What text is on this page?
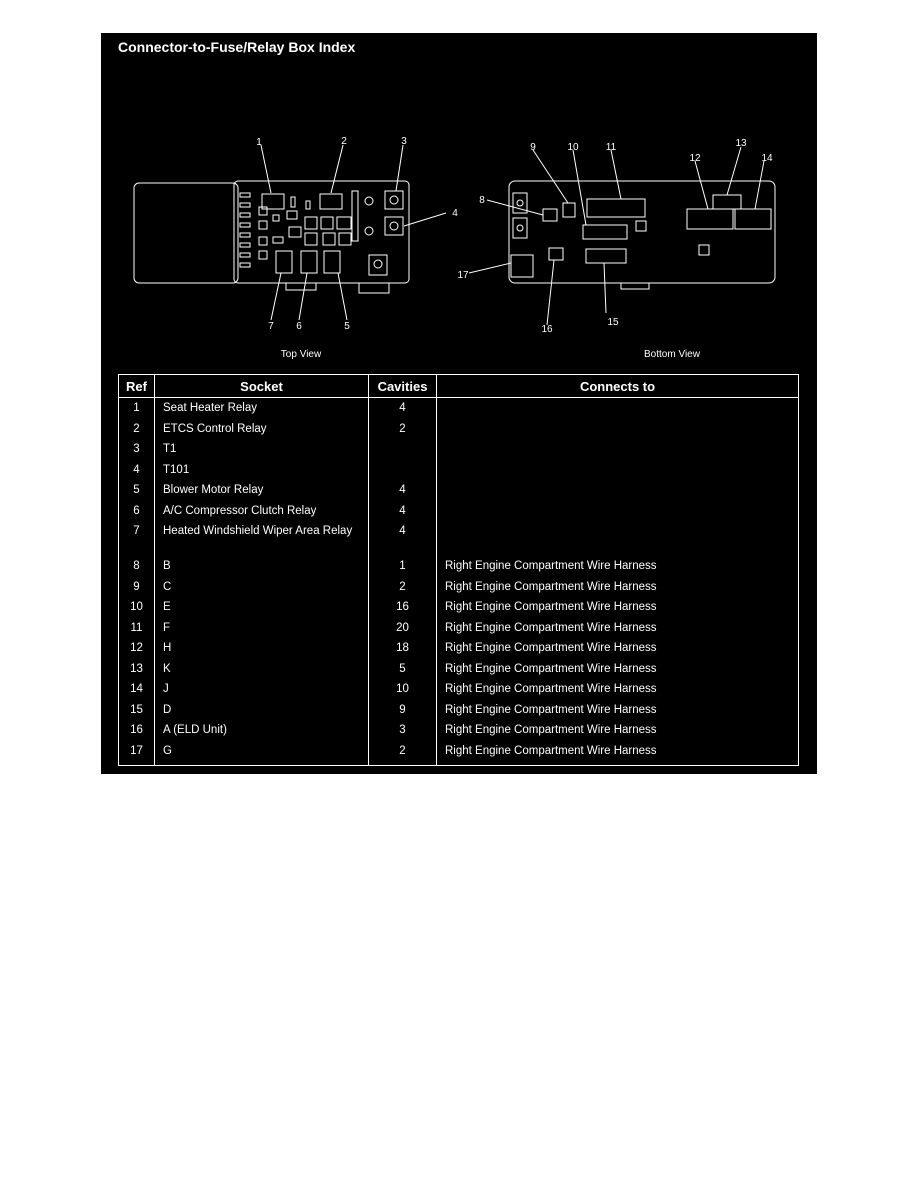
Connector-to-Fuse/Relay Box Index
1	2	3
4
5
6
7
8
9	10	11
12
13
14
15
16
17
Top View	Bottom View
Ref	Socket	Cavities	Connects to
1	Seat Heater Relay	4	
2	ETCS Control Relay	2	
3	T1		
4	T101		
5	Blower Motor Relay	4	
6	A/C Compressor Clutch Relay	4	
7	Heated Windshield Wiper Area Relay	4	
8	B	1	Right Engine Compartment Wire Harness
9	C	2	Right Engine Compartment Wire Harness
10	E	16	Right Engine Compartment Wire Harness
11	F	20	Right Engine Compartment Wire Harness
12	H	18	Right Engine Compartment Wire Harness
13	K	5	Right Engine Compartment Wire Harness
14	J	10	Right Engine Compartment Wire Harness
15	D	9	Right Engine Compartment Wire Harness
16	A (ELD Unit)	3	Right Engine Compartment Wire Harness
17	G	2	Right Engine Compartment Wire Harness
